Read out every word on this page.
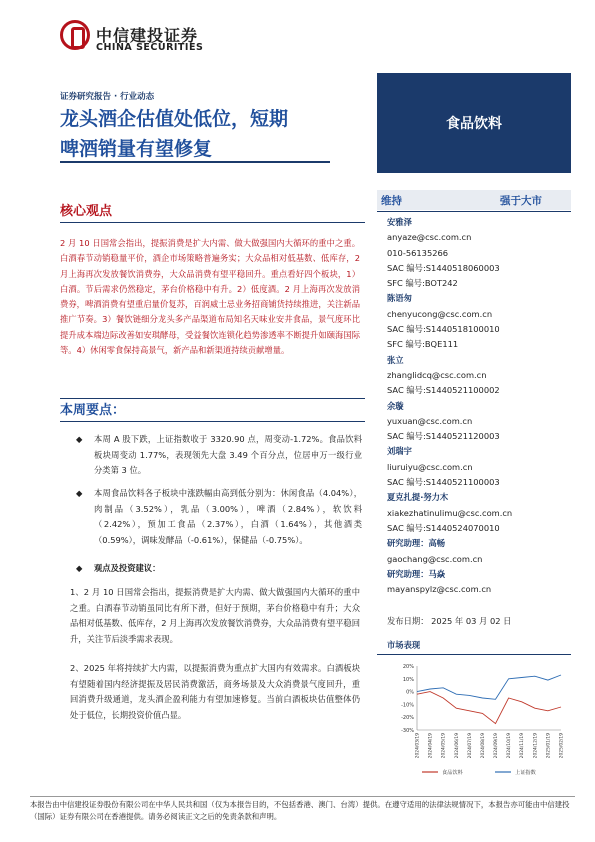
中信建投证券
CHINA SECURITIES
证券研究报告 · 行业动态
龙头酒企估值处低位，短期
啤酒销量有望修复
食品饮料
核心观点
2 月 10 日国常会指出，提振消费是扩大内需、做大做强国内大循环的重中之重。白酒春节动销稳量平价，酒企市场策略普遍务实；大众品相对低基数、低库存，2 月上海再次发放餐饮消费券，大众品消费有望平稳回升。重点看好四个板块，1）白酒。节后需求仍然稳定，茅台价格稳中有升。2）低度酒。2 月上海再次发放消费券，啤酒消费有望重启量价复苏，百润威士忌业务招商铺货持续推进，关注新品推广节奏。3）餐饮链细分龙头多产品渠道布局知名天味业安井食品，景气度环比提升成本端边际改善如安琪酵母，受益餐饮连锁化趋势渗透率不断提升如颐海国际等。4）休闲零食保持高景气，新产品和新渠道持续贡献增量。
本周要点：
◆	本周 A 股下跌，上证指数收于 3320.90 点，周变动-1.72%。食品饮料板块周变动 1.77%，表现领先大盘 3.49 个百分点，位居申万一级行业分类第 3 位。
◆	本周食品饮料各子板块中涨跌幅由高到低分别为：休闲食品（4.04%），肉制品（3.52%），乳品（3.00%），啤酒（2.84%），软饮料（2.42%），预加工食品（2.37%），白酒（1.64%），其他酒类（0.59%），调味发酵品（-0.61%），保健品（-0.75%）。
◆	观点及投资建议：
1、2 月 10 日国常会指出，提振消费是扩大内需、做大做强国内大循环的重中之重。白酒春节动销虽同比有所下滑，但好于预期，茅台价格稳中有升；大众品相对低基数、低库存，2 月上海再次发放餐饮消费券，大众品消费有望平稳回升，关注节后淡季需求表现。
2、2025 年将持续扩大内需，以提振消费为重点扩大国内有效需求。白酒板块有望随着国内经济提振及居民消费激活，商务场景及大众消费景气度回升，重回消费升级通道，龙头酒企盈利能力有望加速修复。当前白酒板块估值整体仍处于低位，长期投资价值凸显。
维持	强于大市
安雅泽
anyaze@csc.com.cn
010-56135266
SAC 编号:S1440518060003
SFC 编号:BOT242
陈语匆
chenyucong@csc.com.cn
SAC 编号:S1440518100010
SFC 编号:BQE111
张立
zhanglidcq@csc.com.cn
SAC 编号:S1440521100002
余璇
yuxuan@csc.com.cn
SAC 编号:S1440521120003
刘瑞宇
liuruiyu@csc.com.cn
SAC 编号:S1440521100003
夏克扎提·努力木
xiakezhatinulimu@csc.com.cn
SAC 编号:S1440524070010
研究助理：高畅
gaochang@csc.com.cn
研究助理：马焱
mayanspylz@csc.com.cn
发布日期： 2025 年 03 月 02 日
市场表现
20%
10%
0%
-10%
-20%
-30%
2024/03/19 2024/04/19 2024/05/19 2024/06/19 2024/07/19 2024/08/19 2024/09/19 2024/10/19 2024/11/19 2024/12/19 2025/01/19 2025/02/19
食品饮料	上证指数
本报告由中信建投证券股份有限公司在中华人民共和国（仅为本报告目的，不包括香港、澳门、台湾）提供。在遵守适用的法律法规情况下，本报告亦可能由中信建投（国际）证券有限公司在香港提供。请务必阅读正文之后的免责条款和声明。
